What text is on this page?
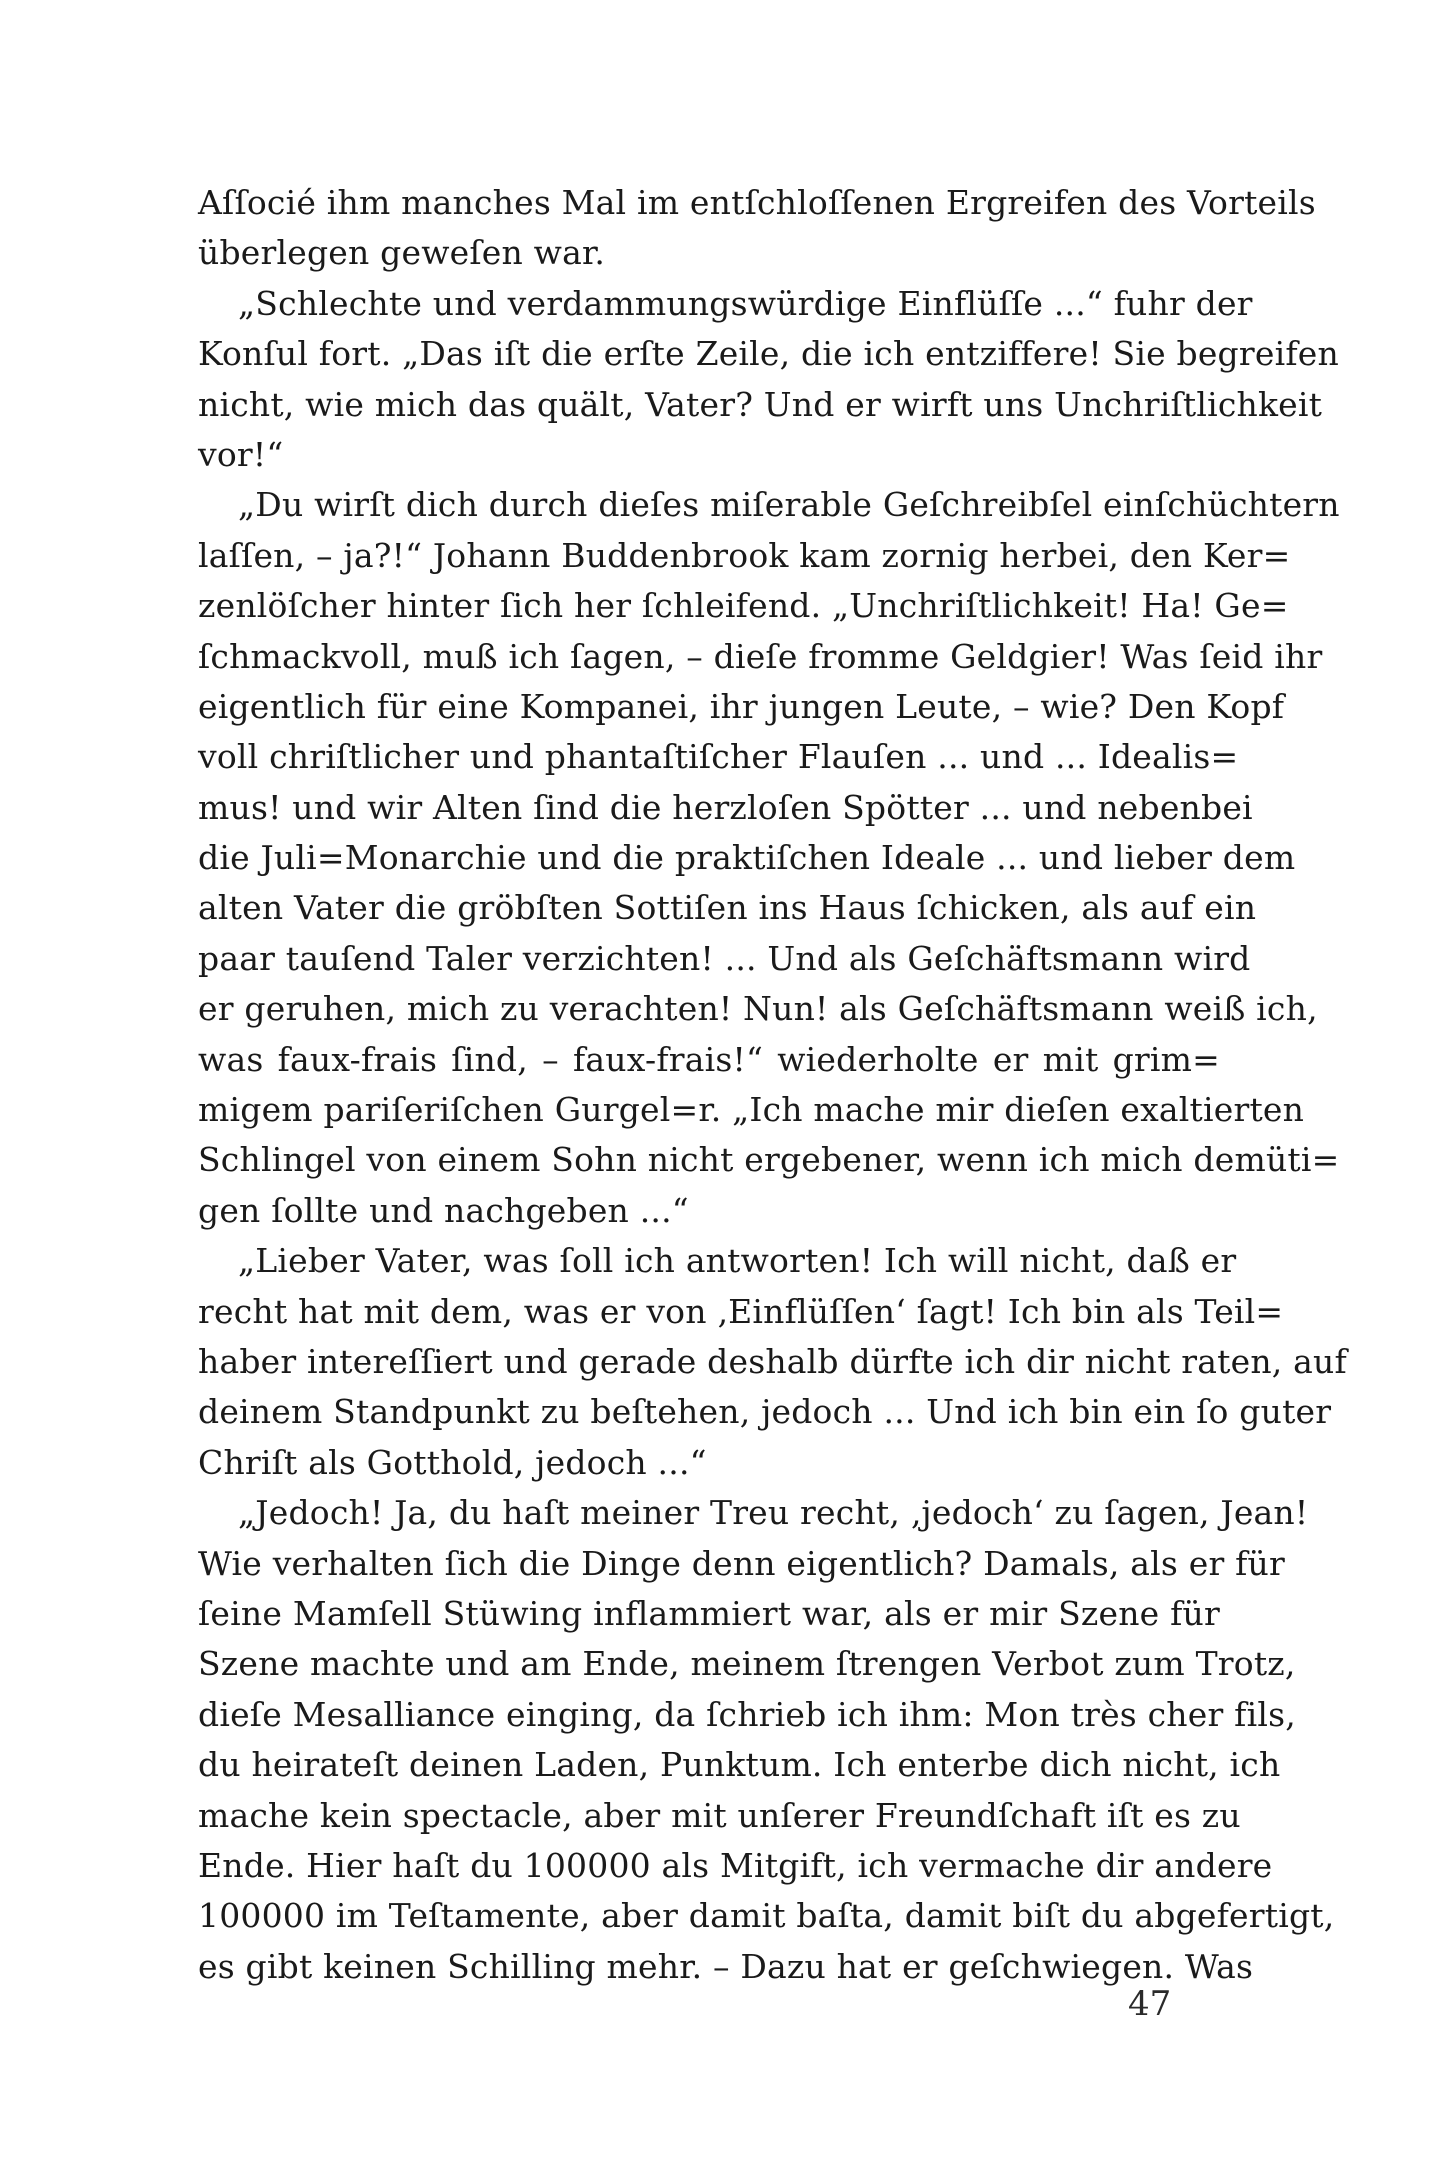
Aſſocié ihm manches Mal im entſchloſſenen Ergreifen des Vorteils
überlegen geweſen war.
„Schlechte und verdammungswürdige Einflüſſe ...“ fuhr der
Konſul fort. „Das iſt die erſte Zeile, die ich entziffere! Sie begreifen
nicht, wie mich das quält, Vater? Und er wirft uns Unchriſtlichkeit
vor!“
„Du wirſt dich durch dieſes miſerable Geſchreibſel einſchüchtern
laſſen, – ja?!“ Johann Buddenbrook kam zornig herbei, den Ker=
zenlöſcher hinter ſich her ſchleifend. „Unchriſtlichkeit! Ha! Ge=
ſchmackvoll, muß ich ſagen, – dieſe fromme Geldgier! Was ſeid ihr
eigentlich für eine Kompanei, ihr jungen Leute, – wie? Den Kopf
voll chriſtlicher und phantaſtiſcher Flauſen ... und ... Idealis=
mus! und wir Alten ſind die herzloſen Spötter ... und nebenbei
die Juli=Monarchie und die praktiſchen Ideale ... und lieber dem
alten Vater die gröbſten Sottiſen ins Haus ſchicken, als auf ein
paar tauſend Taler verzichten! ... Und als Geſchäftsmann wird
er geruhen, mich zu verachten! Nun! als Geſchäftsmann weiß ich,
was faux-frais ſind, – faux-frais!“ wiederholte er mit grim=
migem pariſeriſchen Gurgel=r. „Ich mache mir dieſen exaltierten
Schlingel von einem Sohn nicht ergebener, wenn ich mich demüti=
gen ſollte und nachgeben ...“
„Lieber Vater, was ſoll ich antworten! Ich will nicht, daß er
recht hat mit dem, was er von ‚Einflüſſen‘ ſagt! Ich bin als Teil=
haber intereſſiert und gerade deshalb dürfte ich dir nicht raten, auf
deinem Standpunkt zu beſtehen, jedoch ... Und ich bin ein ſo guter
Chriſt als Gotthold, jedoch ...“
„Jedoch! Ja, du haſt meiner Treu recht, ‚jedoch‘ zu ſagen, Jean!
Wie verhalten ſich die Dinge denn eigentlich? Damals, als er für
ſeine Mamſell Stüwing inflammiert war, als er mir Szene für
Szene machte und am Ende, meinem ſtrengen Verbot zum Trotz,
dieſe Mesalliance einging, da ſchrieb ich ihm: Mon très cher fils,
du heirateſt deinen Laden, Punktum. Ich enterbe dich nicht, ich
mache kein spectacle, aber mit unſerer Freundſchaft iſt es zu
Ende. Hier haſt du 100000 als Mitgift, ich vermache dir andere
100000 im Teſtamente, aber damit baſta, damit biſt du abgefertigt,
es gibt keinen Schilling mehr. – Dazu hat er geſchwiegen. Was
47
